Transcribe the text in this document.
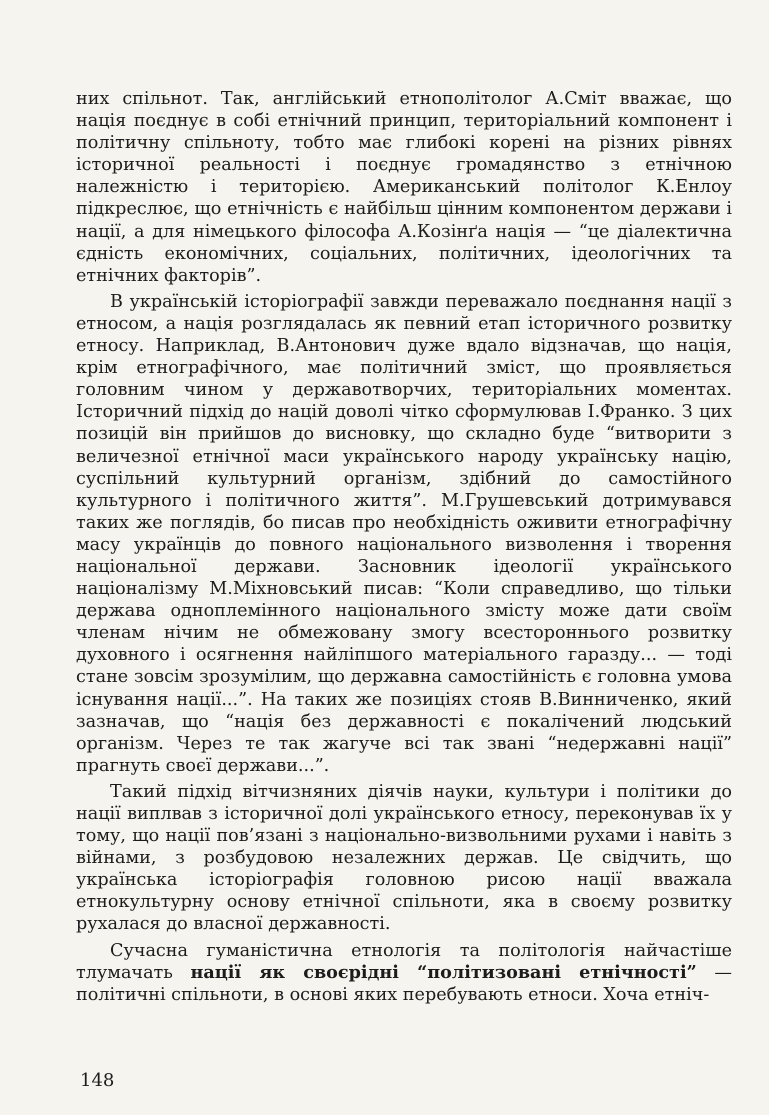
них спільнот. Так, англійський етнополітолог А.Сміт вважає, що нація поєднує в собі етнічний принцип, територіальний компонент і політичну спільноту, тобто має глибокі корені на різних рівнях історичної реальності і поєднує громадянство з етнічною належністю і територією. Американський політолог К.Енлоу підкреслює, що етнічність є найбільш цінним компонентом держави і нації, а для німецького філософа А.Козінґа нація — “це діалектична єдність економічних, соціальних, політичних, ідеологічних та етнічних факторів”.

В українській історіографії завжди переважало поєднання нації з етносом, а нація розглядалась як певний етап історичного розвитку етносу. Наприклад, В.Антонович дуже вдало відзначав, що нація, крім етнографічного, має політичний зміст, що проявляється головним чином у державотворчих, територіальних моментах. Історичний підхід до націй доволі чітко сформулював І.Франко. З цих позицій він прийшов до висновку, що складно буде “витворити з величезної етнічної маси українського народу українську націю, суспільний культурний організм, здібний до самостійного культурного і політичного життя”. М.Грушевський дотримувався таких же поглядів, бо писав про необхідність оживити етнографічну масу українців до повного національного визволення і творення національної держави. Засновник ідеології українського націоналізму М.Міхновський писав: “Коли справедливо, що тільки держава одноплемінного національного змісту може дати своїм членам нічим не обмежовану змогу всестороннього розвитку духовного і осягнення найліпшого матеріального гаразду... — тоді стане зовсім зрозумілим, що державна самостійність є головна умова існування нації...”. На таких же позиціях стояв В.Винниченко, який зазначав, що “нація без державності є покалічений людський організм. Через те так жагуче всі так звані “недержавні нації” прагнуть своєї держави...”.

Такий підхід вітчизняних діячів науки, культури і політики до нації виплвав з історичної долі українського етносу, переконував їх у тому, що нації пов’язані з національно-визвольними рухами і навіть з війнами, з розбудовою незалежних держав. Це свідчить, що українська історіографія головною рисою нації вважала етнокультурну основу етнічної спільноти, яка в своєму розвитку рухалася до власної державності.

Сучасна гуманістична етнологія та політологія найчастіше тлумачать нації як своєрідні “політизовані етнічності” — політичні спільноти, в основі яких перебувають етноси. Хоча етніч-

148
